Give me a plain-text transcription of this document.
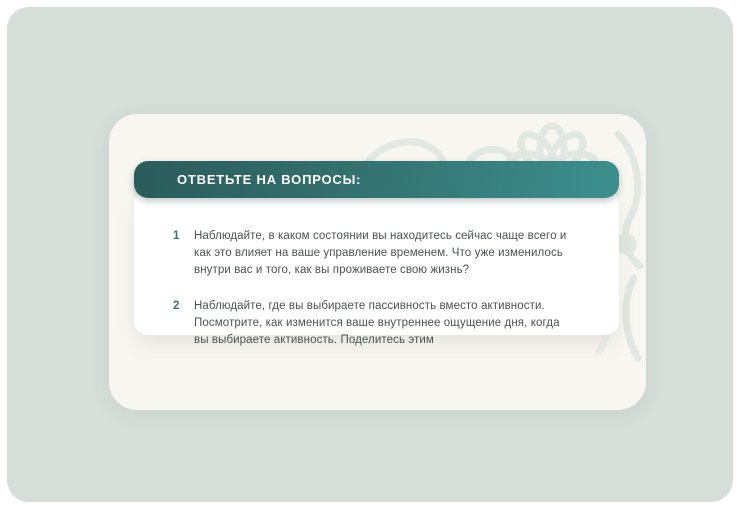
ОТВЕТЬТЕ НА ВОПРОСЫ:
1	Наблюдайте, в каком состоянии вы находитесь сейчас чаще всего и как это влияет на ваше управление временем. Что уже изменилось внутри вас и того, как вы проживаете свою жизнь?
2	Наблюдайте, где вы выбираете пассивность вместо активности. Посмотрите, как изменится ваше внутреннее ощущение дня, когда вы выбираете активность. Поделитесь этим
